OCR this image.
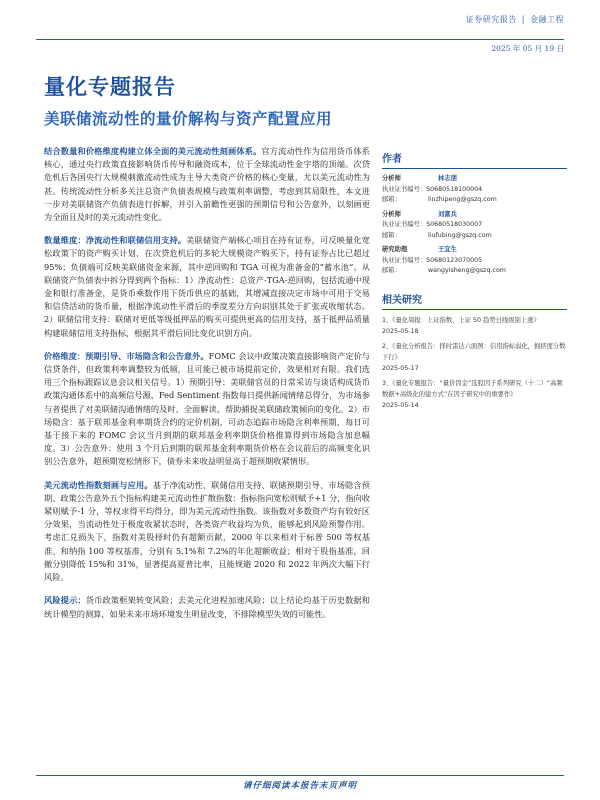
证券研究报告 | 金融工程
2025 年 05 月 19 日
量化专题报告
美联储流动性的量价解构与资产配置应用

结合数量和价格维度构建立体全面的美元流动性刻画体系。官方流动性作为信用货币体系核心，通过央行政策直接影响货币传导和融资成本，位于全球流动性金字塔的顶端。次贷危机后各国央行大规模刺激流动性成为主导大类资产价格的核心变量，尤以美元流动性为甚。传统流动性分析多关注总资产负债表规模与政策利率调整，考虑到其局限性，本文进一步对美联储资产负债表进行拆解，并引入前瞻性更强的预期信号和公告意外，以刻画更为全面且及时的美元流动性变化。

数量维度：净流动性和联储信用支持。美联储资产端核心项目在持有证券，可反映量化宽松政策下的资产购买计划，在次贷危机后的多轮大规模资产购买下，持有证券占比已超过 95%；负债端可反映美联储资金来源，其中逆回购和 TGA 可视为准备金的“蓄水池”。从联储资产负债表中拆分得到两个指标：1）净流动性：总资产-TGA-逆回购，包括流通中现金和银行准备金，是货币乘数作用下货币供应的基础，其增减直接决定市场中可用于交易和信贷活动的货币量，根据净流动性平滑后的季度差分方向识别其处于扩张或收缩状态。2）联储信用支持：联储对更低等级抵押品的购买可提供更高的信用支持，基于抵押品质量构建联储信用支持指标，根据其平滑后同比变化识别方向。

价格维度：预期引导、市场隐含和公告意外。FOMC 会议中政策决策直接影响资产定价与信贷条件，但政策利率调整较为低频，且可能已被市场提前定价，效果相对有限。我们选用三个指标跟踪议息会议相关信号。1）预期引导：美联储官员的日常采访与谈话构成货币政策沟通体系中的高频信号源，Fed Sentiment 指数每日提供新闻情绪总得分，为市场参与者提供了对美联储沟通情绪的及时、全面解读，帮助捕捉美联储政策倾向的变化。2）市场隐含：基于联邦基金利率期货合约的定价机制，可动态追踪市场隐含利率预期，每日可基于接下来的 FOMC 会议当月到期的联邦基金利率期货价格推算得到市场隐含加息幅度。3）公告意外：使用 3 个月后到期的联邦基金利率期货价格在会议前后的高频变化识别公告意外，超预期宽松情形下，债券未来收益明显高于超预期收紧情形。

美元流动性指数刻画与应用。基于净流动性、联储信用支持、联储预期引导、市场隐含预期、政策公告意外五个指标构建美元流动性扩散指数：指标指向宽松则赋予+1 分，指向收紧则赋予-1 分，等权求得平均得分，即为美元流动性指数。该指数对多数资产均有较好区分效果，当流动性处于极度收紧状态时，各类资产收益均为负，能够起到风险预警作用。考虑汇兑损失下，指数对美股择时仍有超额贡献，2000 年以来相对于标普 500 等权基准、和纳指 100 等权基准，分别有 5.1%和 7.2%的年化超额收益；相对于股指基准，回撤分别降低 15%和 31%，显著提高夏普比率，且能规避 2020 和 2022 年两次大幅下行风险。

风险提示：货币政策框架转变风险；去美元化进程加速风险；以上结论均基于历史数据和统计模型的测算，如果未来市场环境发生明显改变，不排除模型失效的可能性。

作者
分析师	林志朋
执业证书编号： S0680518100004
邮箱：	linzhipeng@gszq.com
分析师	刘富兵
执业证书编号： S0680518030007
邮箱：	liufubing@gszq.com
研究助理	王宜生
执业证书编号： S0680123070005
邮箱：	wangyisheng@gszq.com
相关研究
1、《量化周报：上证指数、上证 50 趋势日线级别上涨》
2025-05-18
2、《量化分析报告：择时雷达六面图：信用指标弱化，拥挤度分数下行》
2025-05-17
3、《量化专题报告：“量价因金”选股因子系列研究（十二）“高频数据+高级化的建方式”在因子研究中的重要作》
2025-05-14
请仔细阅读本报告末页声明
